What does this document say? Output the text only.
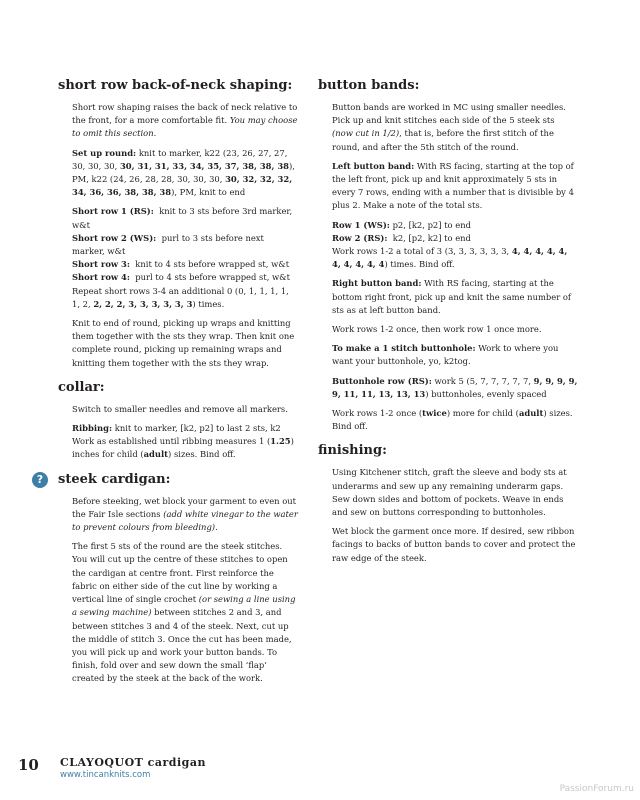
short row back-of-neck shaping:

Short row shaping raises the back of neck relative to the front, for a more comfortable fit. You may choose to omit this section.

Set up round: knit to marker, k22 (23, 26, 27, 27, 30, 30, 30, 30, 31, 31, 33, 34, 35, 37, 38, 38, 38), PM, k22 (24, 26, 28, 28, 30, 30, 30, 30, 32, 32, 32, 34, 36, 36, 38, 38, 38), PM, knit to end

Short row 1 (RS): knit to 3 sts before 3rd marker, w&t

Short row 2 (WS): purl to 3 sts before next marker, w&t

Short row 3: knit to 4 sts before wrapped st, w&t

Short row 4: purl to 4 sts before wrapped st, w&t

Repeat short rows 3-4 an additional 0 (0, 1, 1, 1, 1, 1, 2, 2, 2, 2, 3, 3, 3, 3, 3, 3) times.

Knit to end of round, picking up wraps and knitting them together with the sts they wrap. Then knit one complete round, picking up remaining wraps and knitting them together with the sts they wrap.

collar:

Switch to smaller needles and remove all markers.

Ribbing: knit to marker, [k2, p2] to last 2 sts, k2 Work as established until ribbing measures 1 (1.25) inches for child (adult) sizes. Bind off.

?	steek cardigan:

Before steeking, wet block your garment to even out the Fair Isle sections (add white vinegar to the water to prevent colours from bleeding).

The first 5 sts of the round are the steek stitches. You will cut up the centre of these stitches to open the cardigan at centre front. First reinforce the fabric on either side of the cut line by working a vertical line of single crochet (or sewing a line using a sewing machine) between stitches 2 and 3, and between stitches 3 and 4 of the steek. Next, cut up the middle of stitch 3. Once the cut has been made, you will pick up and work your button bands. To finish, fold over and sew down the small ‘flap’ created by the steek at the back of the work.

button bands:

Button bands are worked in MC using smaller needles. Pick up and knit stitches each side of the 5 steek sts (now cut in 1/2), that is, before the first stitch of the round, and after the 5th stitch of the round.

Left button band: With RS facing, starting at the top of the left front, pick up and knit approximately 5 sts in every 7 rows, ending with a number that is divisible by 4 plus 2. Make a note of the total sts.

Row 1 (WS): p2, [k2, p2] to end

Row 2 (RS): k2, [p2, k2] to end

Work rows 1-2 a total of 3 (3, 3, 3, 3, 3, 3, 4, 4, 4, 4, 4, 4, 4, 4, 4, 4) times. Bind off.

Right button band: With RS facing, starting at the bottom right front, pick up and knit the same number of sts as at left button band.

Work rows 1-2 once, then work row 1 once more.

To make a 1 stitch buttonhole: Work to where you want your buttonhole, yo, k2tog.

Buttonhole row (RS): work 5 (5, 7, 7, 7, 7, 7, 9, 9, 9, 9, 9, 11, 11, 13, 13, 13) buttonholes, evenly spaced

Work rows 1-2 once (twice) more for child (adult) sizes. Bind off.

finishing:

Using Kitchener stitch, graft the sleeve and body sts at underarms and sew up any remaining underarm gaps. Sew down sides and bottom of pockets. Weave in ends and sew on buttons corresponding to buttonholes.

Wet block the garment once more. If desired, sew ribbon facings to backs of button bands to cover and protect the raw edge of the steek.

10 CLAYOQUOT cardigan
www.tincanknits.com
PassionForum.ru
